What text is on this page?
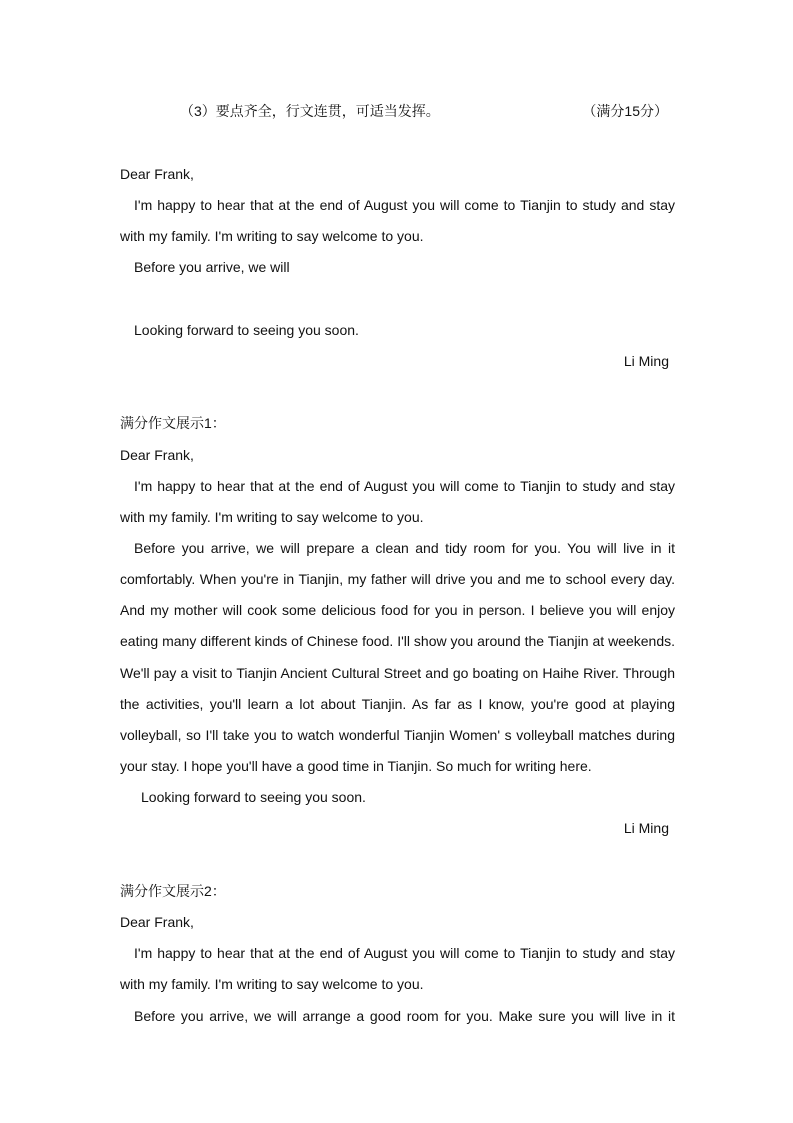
（3）要点齐全，行文连贯，可适当发挥。	（满分15分）
Dear Frank,
I'm happy to hear that at the end of August you will come to Tianjin to study and stay
with my family. I'm writing to say welcome to you.
Before you arrive, we will
Looking forward to seeing you soon.
Li Ming
满分作文展示1：
Dear Frank,
I'm happy to hear that at the end of August you will come to Tianjin to study and stay
with my family. I'm writing to say welcome to you.
Before you arrive, we will prepare a clean and tidy room for you. You will live in it
comfortably. When you're in Tianjin, my father will drive you and me to school every day.
And my mother will cook some delicious food for you in person. I believe you will enjoy
eating many different kinds of Chinese food. I'll show you around the Tianjin at weekends.
We'll pay a visit to Tianjin Ancient Cultural Street and go boating on Haihe River. Through
the activities, you'll learn a lot about Tianjin. As far as I know, you're good at playing
volleyball, so I'll take you to watch wonderful Tianjin Women' s volleyball matches during
your stay. I hope you'll have a good time in Tianjin. So much for writing here.
Looking forward to seeing you soon.
Li Ming
满分作文展示2：
Dear Frank,
I'm happy to hear that at the end of August you will come to Tianjin to study and stay
with my family. I'm writing to say welcome to you.
Before you arrive, we will arrange a good room for you. Make sure you will live in it
